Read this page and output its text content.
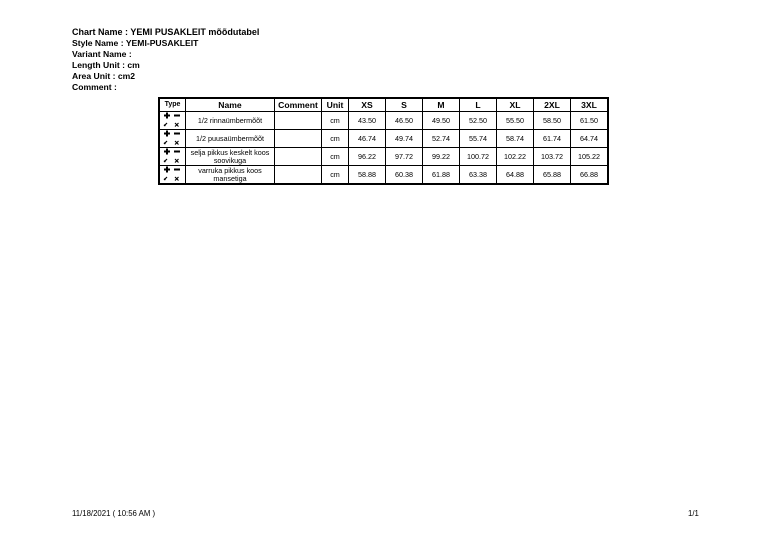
Chart Name : YEMI PUSAKLEIT mõõdutabel
Style Name : YEMI-PUSAKLEIT
Variant Name :
Length Unit : cm
Area Unit : cm2
Comment :
Type	Name	Comment	Unit	XS	S	M	L	XL	2XL	3XL

	1/2 rinnaümbermõõt		cm	43.50	46.50	49.50	52.50	55.50	58.50	61.50

	1/2 puusaümbermõõt		cm	46.74	49.74	52.74	55.74	58.74	61.74	64.74

	selja pikkus keskelt koos soovikuga		cm	96.22	97.72	99.22	100.72	102.22	103.72	105.22

	varruka pikkus koos mansetiga		cm	58.88	60.38	61.88	63.38	64.88	65.88	66.88
11/18/2021 ( 10:56 AM )	1/1
